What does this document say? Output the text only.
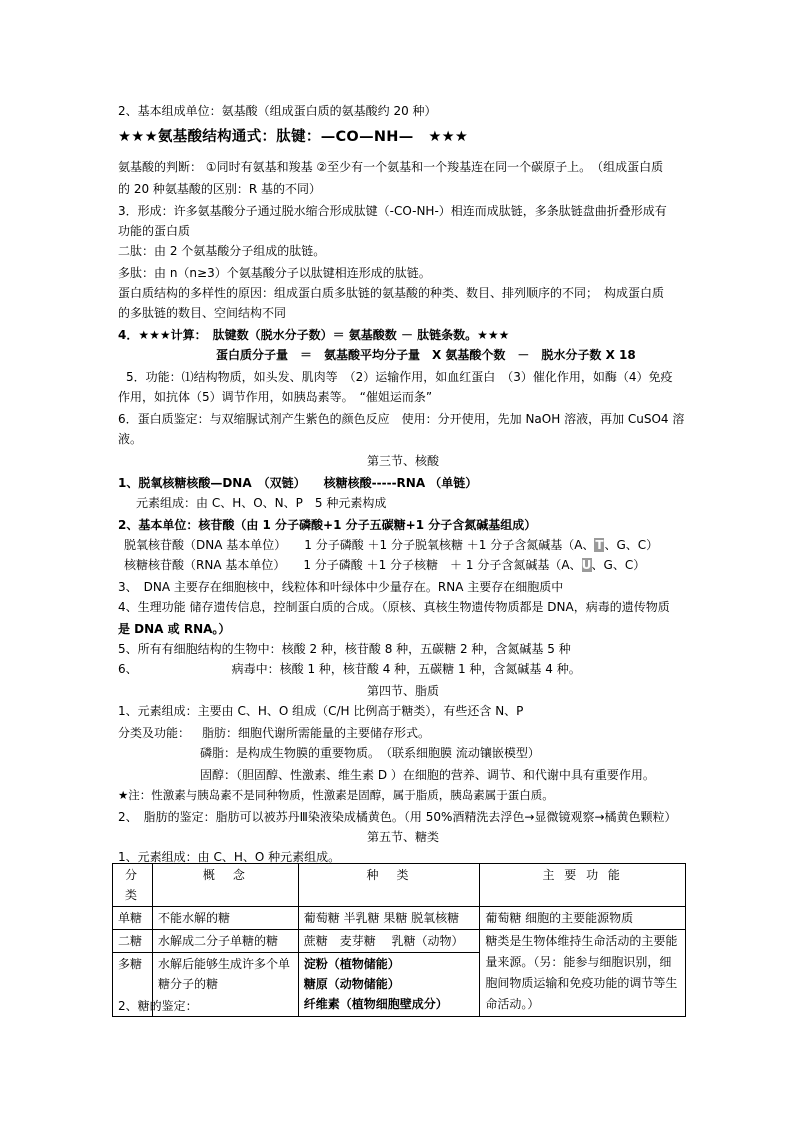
2、基本组成单位：氨基酸（组成蛋白质的氨基酸约 20 种）
★★★氨基酸结构通式：肽键：—CO—NH—　★★★
氨基酸的判断： ①同时有氨基和羧基 ②至少有一个氨基和一个羧基连在同一个碳原子上。　（组成蛋白质
的 20 种氨基酸的区别：R 基的不同）
3．形成：许多氨基酸分子通过脱水缩合形成肽键（-CO-NH-）相连而成肽链，多条肽链盘曲折叠形成有
功能的蛋白质
二肽：由 2 个氨基酸分子组成的肽链。
多肽：由 n（n≥3）个氨基酸分子以肽键相连形成的肽链。
蛋白质结构的多样性的原因：组成蛋白质多肽链的氨基酸的种类、数目、排列顺序的不同；　构成蛋白质
的多肽链的数目、空间结构不同
4．★★★计算：　肽键数（脱水分子数）＝ 氨基酸数 － 肽链条数。★★★
蛋白质分子量　＝　氨基酸平均分子量　Χ 氨基酸个数　－　脱水分子数 Χ 18
5．功能：⑴结构物质，如头发、肌肉等　（2）运输作用，如血红蛋白　（3）催化作用，如酶（4）免疫
作用，如抗体（5）调节作用，如胰岛素等。　“催姐运而条”
6．蛋白质鉴定：与双缩脲试剂产生紫色的颜色反应　使用：分开使用，先加 NaOH 溶液，再加 CuSO4 溶
液。
第三节、核酸
1、脱氧核糖核酸—DNA　（双链）　　核糖核酸-----RNA （单链）
元素组成：由 C、H、O、N、P　5 种元素构成
2、基本单位：核苷酸（由 1 分子磷酸+1 分子五碳糖+1 分子含氮碱基组成）
脱氧核苷酸（DNA 基本单位）　　1 分子磷酸 ＋1 分子脱氧核糖 ＋1 分子含氮碱基（A、T、G、C）
核糖核苷酸（RNA 基本单位）　　1 分子磷酸 ＋1 分子核糖　＋ 1 分子含氮碱基（A、U、G、C）
3、　DNA 主要存在细胞核中，线粒体和叶绿体中少量存在。RNA 主要存在细胞质中
4、生理功能 储存遗传信息，控制蛋白质的合成。（原核、真核生物遗传物质都是 DNA，病毒的遗传物质
是 DNA 或 RNA。）
5、所有有细胞结构的生物中：核酸 2 种，核苷酸 8 种，五碳糖 2 种，含氮碱基 5 种
6、	病毒中：核酸 1 种，核苷酸 4 种，五碳糖 1 种，含氮碱基 4 种。
第四节、脂质
1、元素组成：主要由 C、H、O 组成（C/H 比例高于糖类），有些还含 N、P
分类及功能： 脂肪：细胞代谢所需能量的主要储存形式。
磷脂：是构成生物膜的重要物质。　（联系细胞膜 流动镶嵌模型）
固醇：（胆固醇、性激素、维生素 D ）在细胞的营养、调节、和代谢中具有重要作用。
★注：性激素与胰岛素不是同种物质，性激素是固醇，属于脂质，胰岛素属于蛋白质。
2、　脂肪的鉴定：脂肪可以被苏丹Ⅲ染液染成橘黄色。（用 50%酒精洗去浮色→显微镜观察→橘黄色颗粒）
第五节、糖类
1、元素组成：由 C、H、O 种元素组成。
2、糖的鉴定：
分类	概　念	种　类	主 要 功 能
单糖	不能水解的糖	葡萄糖 半乳糖 果糖 脱氧核糖	葡萄糖 细胞的主要能源物质
二糖	水解成二分子单糖的糖	蔗糖　麦芽糖　 乳糖（动物）	糖类是生物体维持生命活动的主要能量来源。（另：能参与细胞识别，细胞间物质运输和免疫功能的调节等生命活动。）
多糖	水解后能够生成许多个单糖分子的糖	淀粉（植物储能）
糖原（动物储能）
纤维素（植物细胞壁成分）	
